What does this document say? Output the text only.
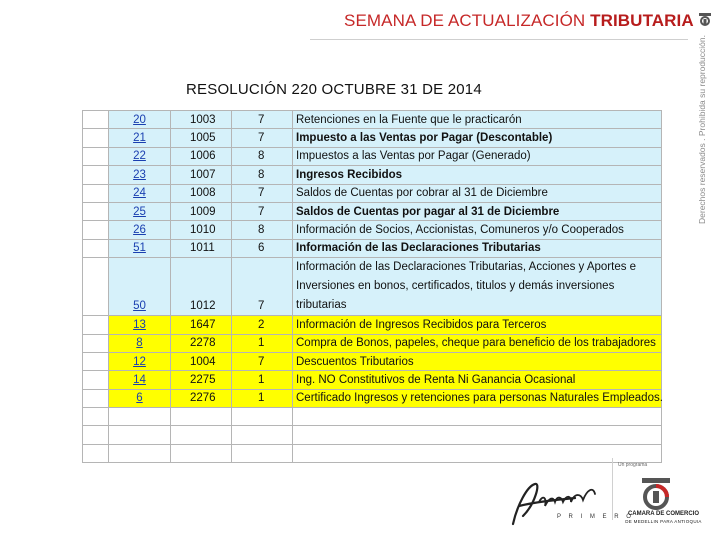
SEMANA DE ACTUALIZACIÓN TRIBUTARIA
Derechos reservados . Prohibida su reproducción.
RESOLUCIÓN 220 OCTUBRE 31 DE 2014
	20	1003	7	Retenciones en la Fuente que le practicarón
	21	1005	7	Impuesto a las Ventas por Pagar (Descontable)
	22	1006	8	Impuestos a las Ventas por Pagar (Generado)
	23	1007	8	Ingresos Recibidos
	24	1008	7	Saldos de Cuentas por cobrar al 31 de Diciembre
	25	1009	7	Saldos de Cuentas por pagar al 31 de Diciembre
	26	1010	8	Información de Socios, Accionistas, Comuneros y/o Cooperados
	51	1011	6	Información de las Declaraciones Tributarias
	50	1012	7	Información de las Declaraciones Tributarias, Acciones y Aportes e Inversiones en bonos, certificados, titulos y demás inversiones tributarias
	13	1647	2	Información de Ingresos Recibidos para Terceros
	8	2278	1	Compra de Bonos, papeles, cheque para beneficio de los trabajadores
	12	1004	7	Descuentos Tributarios
	14	2275	1	Ing. NO Constitutivos de Renta Ni Ganancia Ocasional
	6	2276	1	Certificado Ingresos y retenciones para personas Naturales Empleados.

Un programa
P R I M E R O
CAMARA DE COMERCIO
DE MEDELLIN PARA ANTIOQUIA
